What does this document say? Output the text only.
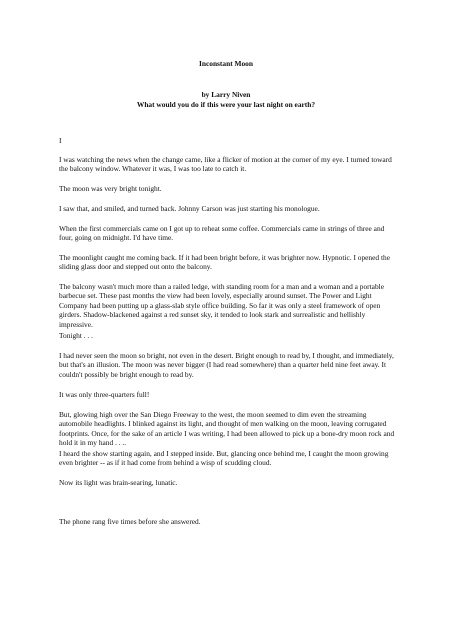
Inconstant Moon
by Larry Niven
What would you do if this were your last night on earth?

I

I was watching the news when the change came, like a flicker of motion at the corner of my eye. I turned toward the balcony window. Whatever it was, I was too late to catch it.

The moon was very bright tonight.

I saw that, and smiled, and turned back. Johnny Carson was just starting his monologue.

When the first commercials came on I got up to reheat some coffee. Commercials came in strings of three and four, going on midnight. I'd have time.

The moonlight caught me coming back. If it had been bright before, it was brighter now. Hypnotic. I opened the sliding glass door and stepped out onto the balcony.

The balcony wasn't much more than a railed ledge, with standing room for a man and a woman and a portable barbecue set. These past months the view had been lovely, especially around sunset. The Power and Light Company had been putting up a glass-slab style office building. So far it was only a steel framework of open girders. Shadow-blackened against a red sunset sky, it tended to look stark and surrealistic and hellishly impressive.

Tonight . . .

I had never seen the moon so bright, not even in the desert. Bright enough to read by, I thought, and immediately, but that's an illusion. The moon was never bigger (I had read somewhere) than a quarter held nine feet away. It couldn't possibly be bright enough to read by.

It was only three-quarters full!

But, glowing high over the San Diego Freeway to the west, the moon seemed to dim even the streaming automobile headlights. I blinked against its light, and thought of men walking on the moon, leaving corrugated footprints. Once, for the sake of an article I was writing, I had been allowed to pick up a bone-dry moon rock and hold it in my hand . . ..

I heard the show starting again, and I stepped inside. But, glancing once behind me, I caught the moon growing even brighter -- as if it had come from behind a wisp of scudding cloud.

Now its light was brain-searing, lunatic.

The phone rang five times before she answered.
